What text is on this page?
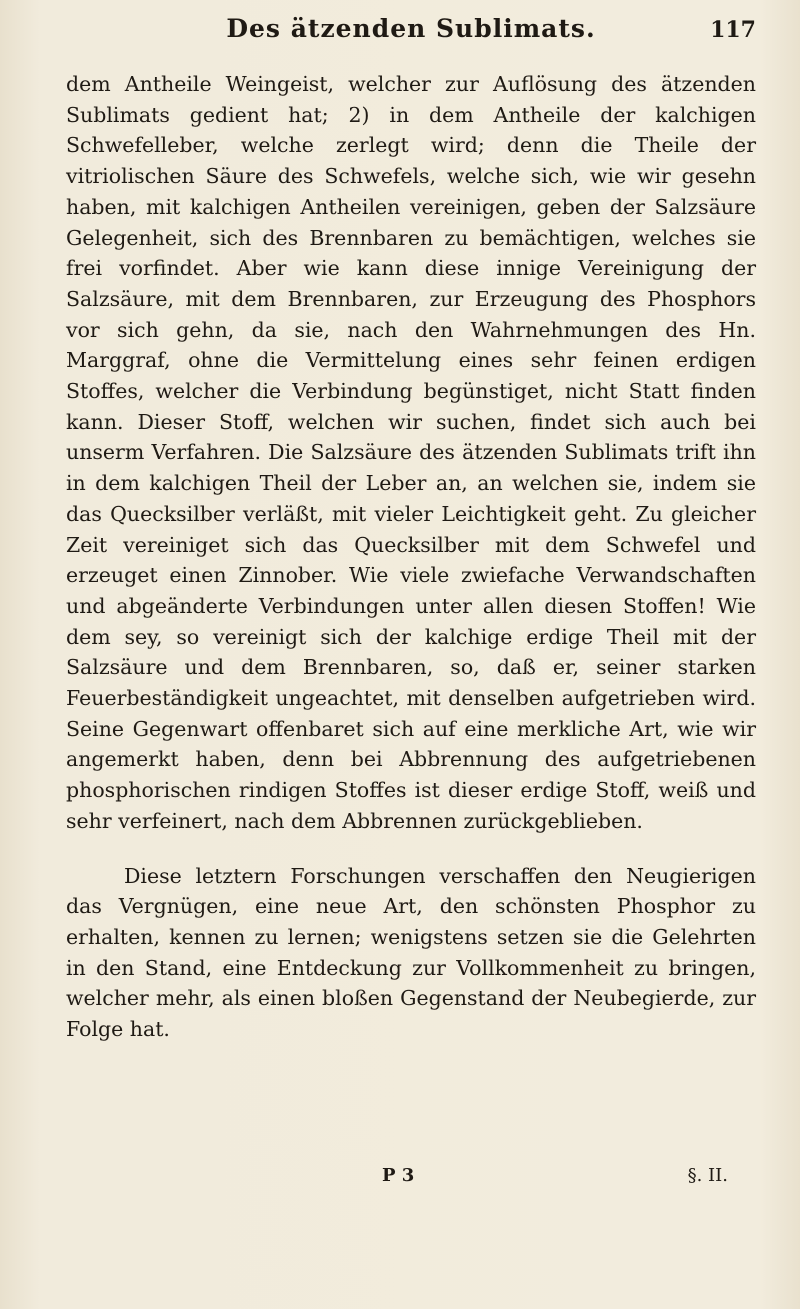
Des ätzenden Sublimats.	117

dem Antheile Weingeist, welcher zur Auflösung des ätzenden Sublimats gedient hat; 2) in dem Antheile der kalchigen Schwefelleber, welche zerlegt wird; denn die Theile der vitriolischen Säure des Schwefels, welche sich, wie wir gesehn haben, mit kalchigen Antheilen vereinigen, geben der Salzsäure Gelegenheit, sich des Brennbaren zu bemächtigen, welches sie frei vorfindet. Aber wie kann diese innige Vereinigung der Salzsäure, mit dem Brennbaren, zur Erzeugung des Phosphors vor sich gehn, da sie, nach den Wahrnehmungen des Hn. Marggraf, ohne die Vermittelung eines sehr feinen erdigen Stoffes, welcher die Verbindung begünstiget, nicht Statt finden kann. Dieser Stoff, welchen wir suchen, findet sich auch bei unserm Verfahren. Die Salzsäure des ätzenden Sublimats trift ihn in dem kalchigen Theil der Leber an, an welchen sie, indem sie das Quecksilber verläßt, mit vieler Leichtigkeit geht. Zu gleicher Zeit vereiniget sich das Quecksilber mit dem Schwefel und erzeuget einen Zinnober. Wie viele zwiefache Verwandschaften und abgeänderte Verbindungen unter allen diesen Stoffen! Wie dem sey, so vereinigt sich der kalchige erdige Theil mit der Salzsäure und dem Brennbaren, so, daß er, seiner starken Feuerbeständigkeit ungeachtet, mit denselben aufgetrieben wird. Seine Gegenwart offenbaret sich auf eine merkliche Art, wie wir angemerkt haben, denn bei Abbrennung des aufgetriebenen phosphorischen rindigen Stoffes ist dieser erdige Stoff, weiß und sehr verfeinert, nach dem Abbrennen zurückgeblieben.

Diese letztern Forschungen verschaffen den Neugierigen das Vergnügen, eine neue Art, den schönsten Phosphor zu erhalten, kennen zu lernen; wenigstens setzen sie die Gelehrten in den Stand, eine Entdeckung zur Vollkommenheit zu bringen, welcher mehr, als einen bloßen Gegenstand der Neubegierde, zur Folge hat.

P 3	§. II.
